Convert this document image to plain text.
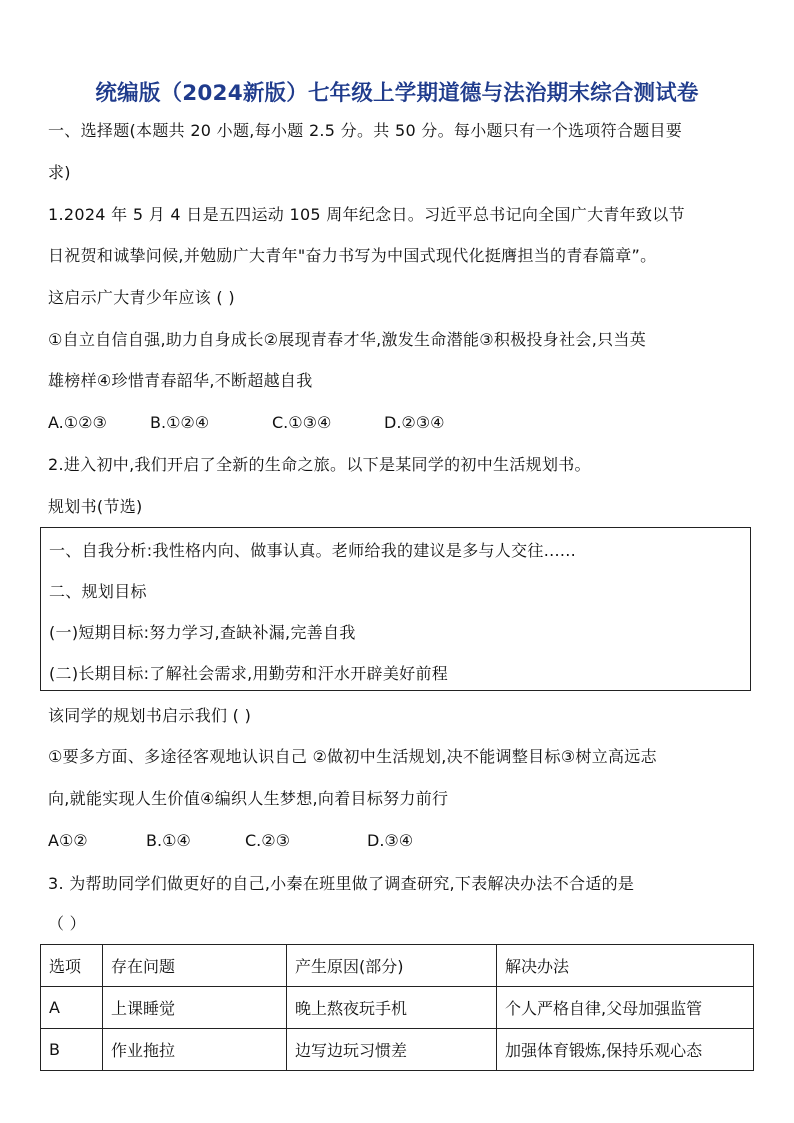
统编版（2024新版）七年级上学期道德与法治期末综合测试卷
一、选择题(本题共 20 小题,每小题 2.5 分。共 50 分。每小题只有一个选项符合题目要
求)
1.2024 年 5 月 4 日是五四运动 105 周年纪念日。习近平总书记向全国广大青年致以节
日祝贺和诚挚问候,并勉励广大青年"奋力书写为中国式现代化挺膺担当的青春篇章”。
这启示广大青少年应该 ( )
①自立自信自强,助力自身成长②展现青春才华,激发生命潜能③积极投身社会,只当英
雄榜样④珍惜青春韶华,不断超越自我
A.①②③	B.①②④	C.①③④	D.②③④
2.进入初中,我们开启了全新的生命之旅。以下是某同学的初中生活规划书。
规划书(节选)
一、自我分析:我性格内向、做事认真。老师给我的建议是多与人交往......
二、规划目标
(一)短期目标:努力学习,查缺补漏,完善自我
(二)长期目标:了解社会需求,用勤劳和汗水开辟美好前程
该同学的规划书启示我们 ( )
①要多方面、多途径客观地认识自己 ②做初中生活规划,决不能调整目标③树立高远志
向,就能实现人生价值④编织人生梦想,向着目标努力前行
A①②	B.①④	C.②③	D.③④
3. 为帮助同学们做更好的自己,小秦在班里做了调查研究,下表解决办法不合适的是
（ ）
选项	存在问题	产生原因(部分)	解决办法
A	上课睡觉	晚上熬夜玩手机	个人严格自律,父母加强监管
B	作业拖拉	边写边玩习惯差	加强体育锻炼,保持乐观心态
